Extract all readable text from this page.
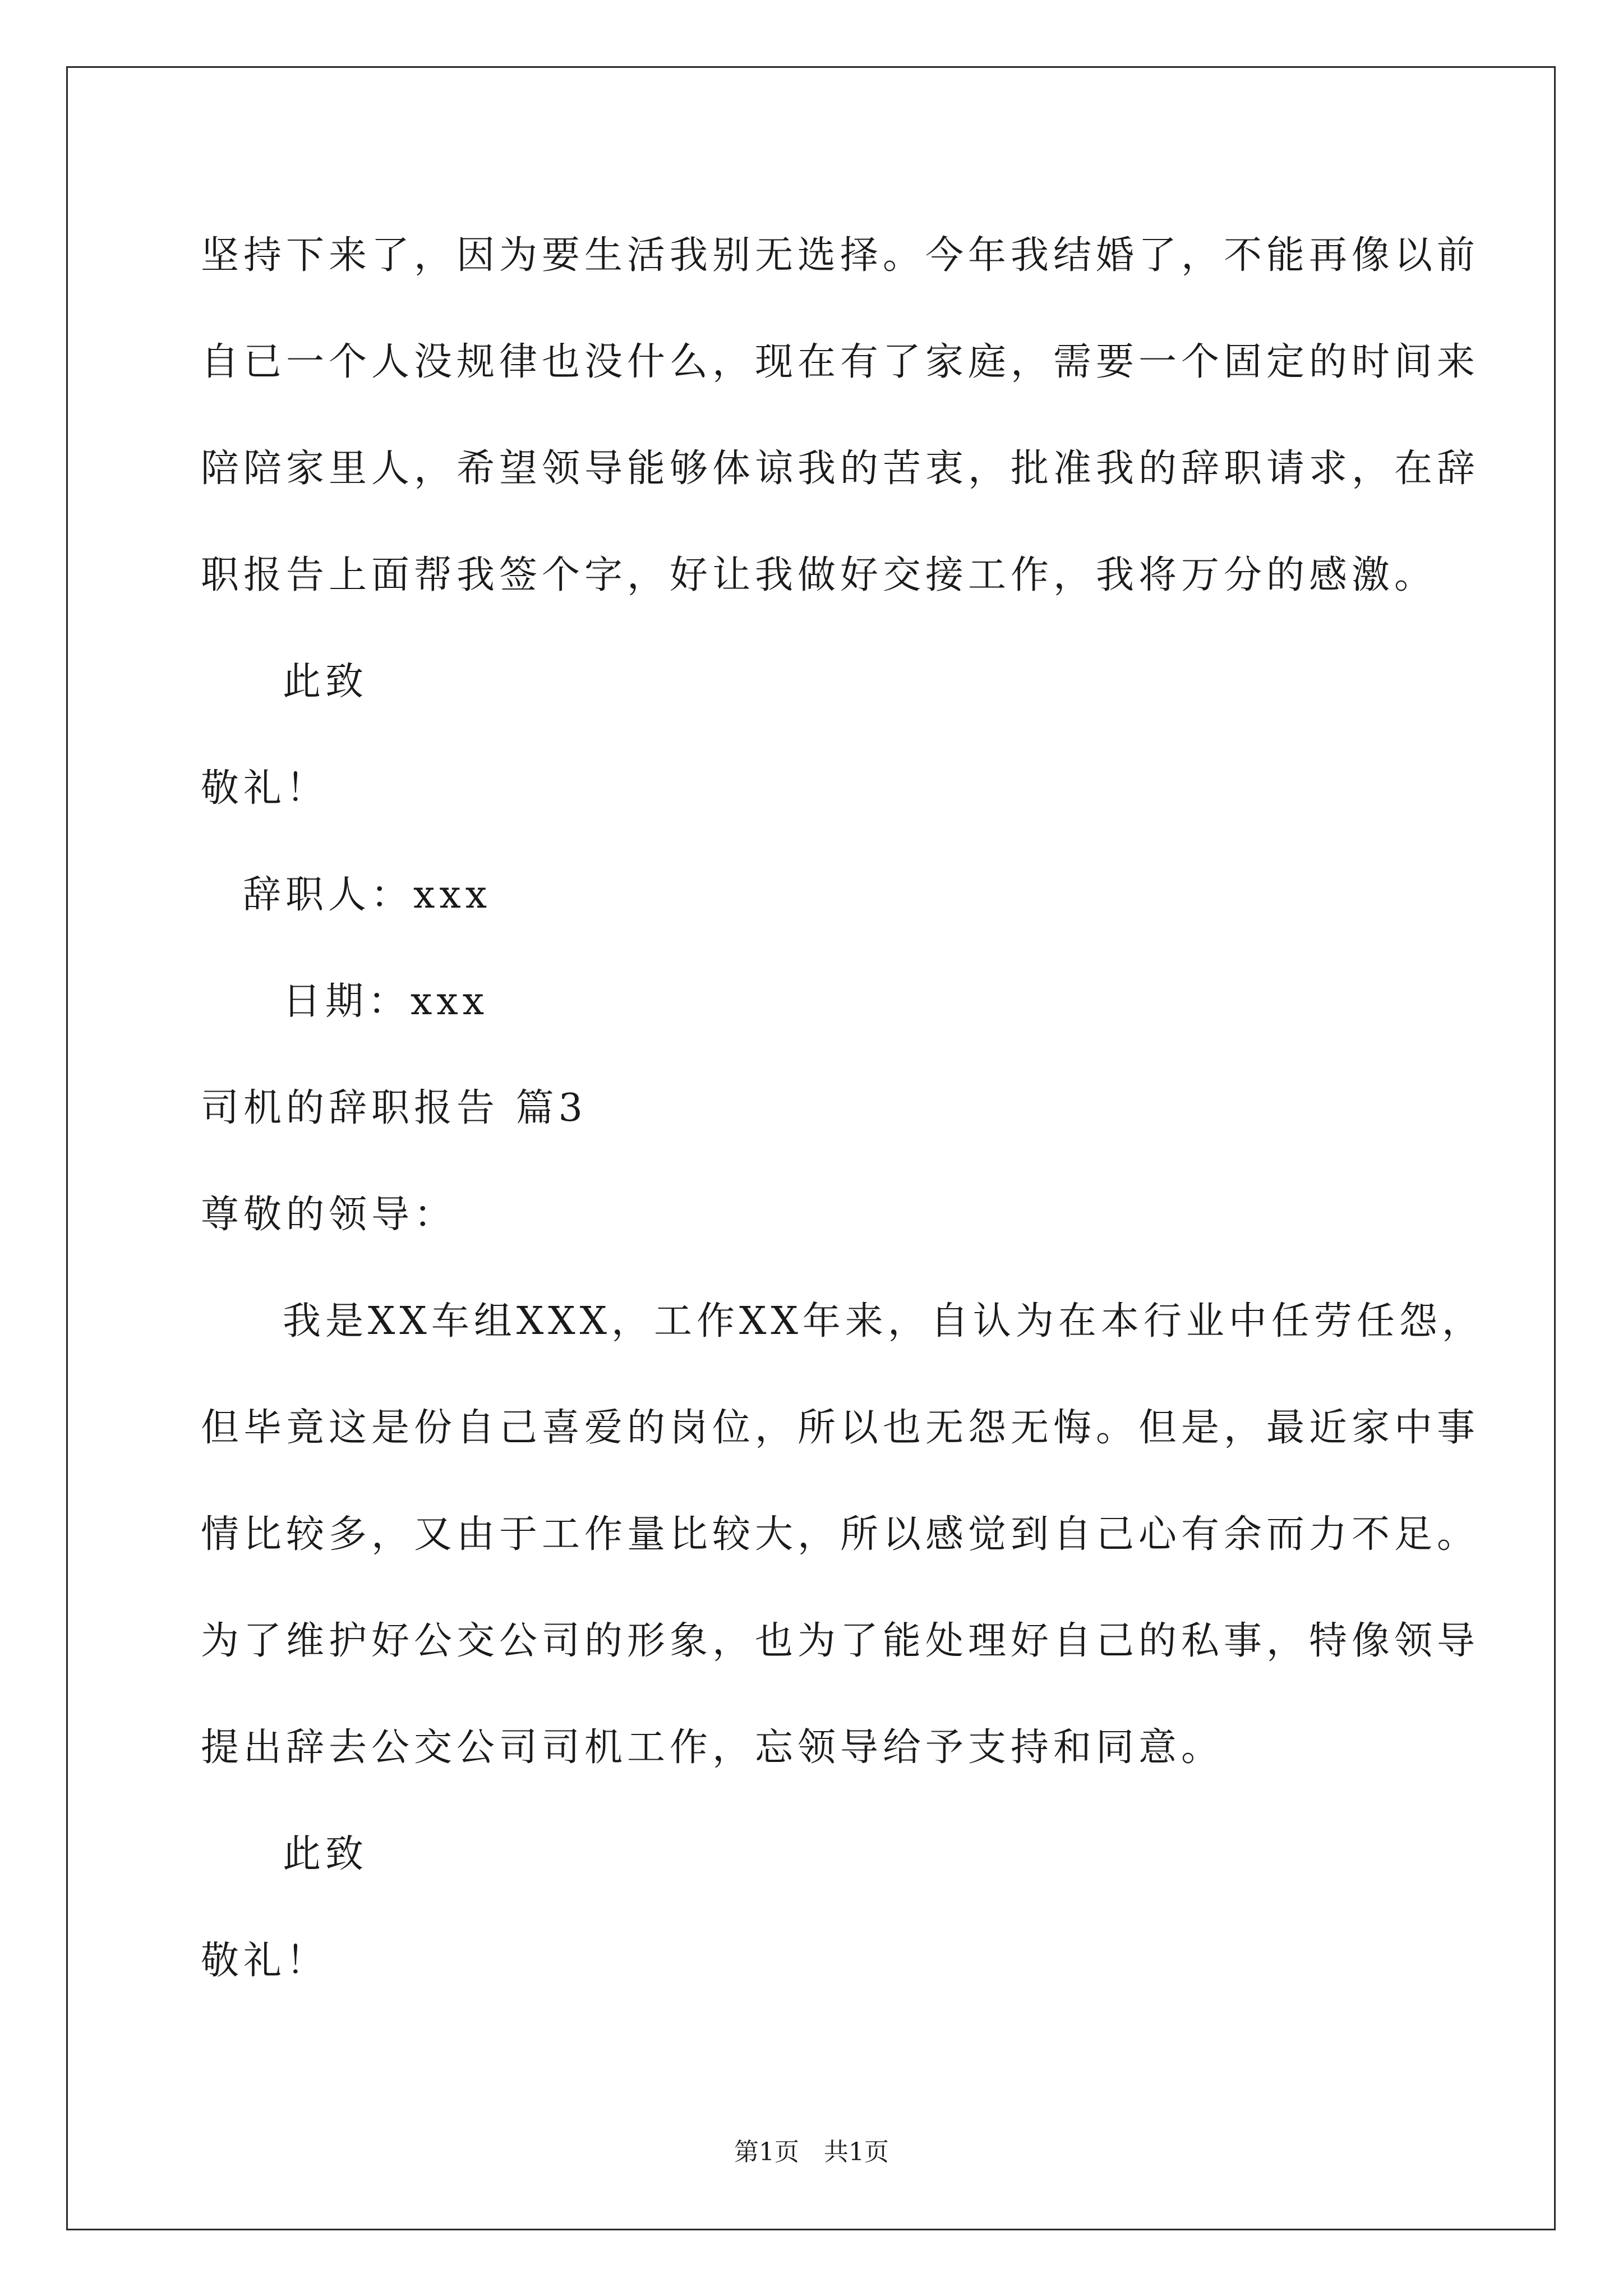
坚持下来了，因为要生活我别无选择。今年我结婚了，不能再像以前

自已一个人没规律也没什么，现在有了家庭，需要一个固定的时间来

陪陪家里人，希望领导能够体谅我的苦衷，批准我的辞职请求，在辞

职报告上面帮我签个字，好让我做好交接工作，我将万分的感激。

此致

敬礼！

辞职人：xxx

日期：xxx

司机的辞职报告 篇3

尊敬的领导：

我是XX车组XXX，工作XX年来，自认为在本行业中任劳任怨，

但毕竟这是份自己喜爱的岗位，所以也无怨无悔。但是，最近家中事

情比较多，又由于工作量比较大，所以感觉到自己心有余而力不足。

为了维护好公交公司的形象，也为了能处理好自己的私事，特像领导

提出辞去公交公司司机工作，忘领导给予支持和同意。

此致

敬礼！

第1页 共1页
